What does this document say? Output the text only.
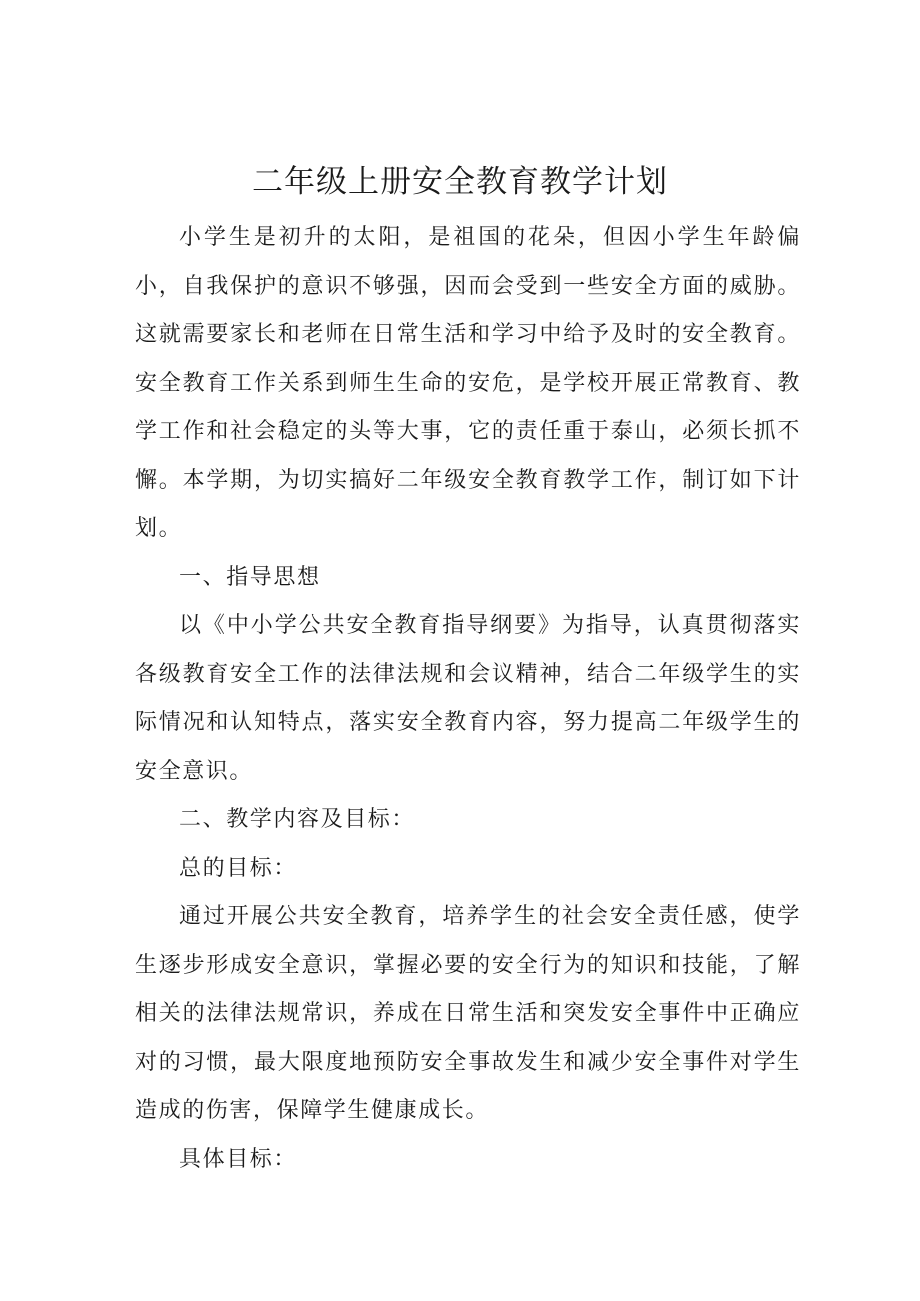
二年级上册安全教育教学计划

小学生是初升的太阳，是祖国的花朵，但因小学生年龄偏小，自我保护的意识不够强，因而会受到一些安全方面的威胁。这就需要家长和老师在日常生活和学习中给予及时的安全教育。安全教育工作关系到师生生命的安危，是学校开展正常教育、教学工作和社会稳定的头等大事，它的责任重于泰山，必须长抓不懈。本学期，为切实搞好二年级安全教育教学工作，制订如下计划。

一、指导思想

以《中小学公共安全教育指导纲要》为指导，认真贯彻落实各级教育安全工作的法律法规和会议精神，结合二年级学生的实际情况和认知特点，落实安全教育内容，努力提高二年级学生的安全意识。

二、教学内容及目标：

总的目标：

通过开展公共安全教育，培养学生的社会安全责任感，使学生逐步形成安全意识，掌握必要的安全行为的知识和技能，了解相关的法律法规常识，养成在日常生活和突发安全事件中正确应对的习惯，最大限度地预防安全事故发生和减少安全事件对学生造成的伤害，保障学生健康成长。

具体目标：
